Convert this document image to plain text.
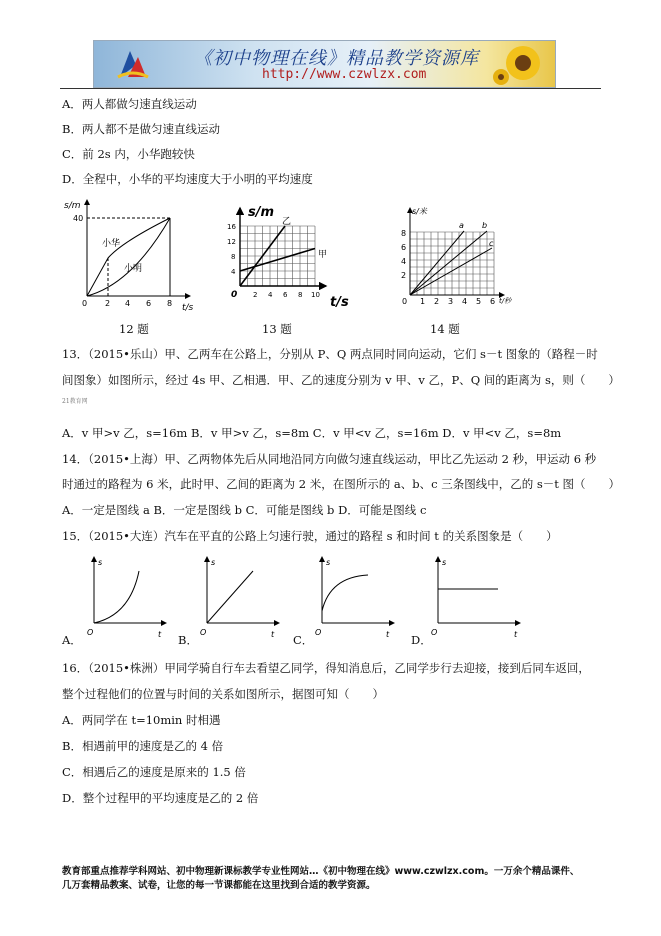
《初中物理在线》精品教学资源库
http://www.czwlzx.com
A．两人都做匀速直线运动
B．两人都不是做匀速直线运动
C．前 2s 内，小华跑较快
D．全程中，小华的平均速度大于小明的平均速度
s/m
40
0 2 4 6 8 t/s
小华
小明
12 题
s/m
16
12
8
4
0 2 4 6 8 10 t/s
乙
甲
13 题
s/米
8
6
4
2
0 1 2 3 4 5 6 t/秒
a b
c
14 题
13．（2015•乐山）甲、乙两车在公路上，分别从 P、Q 两点同时同向运动，它们 s－t 图象的（路程－时
间图象）如图所示，经过 4s 甲、乙相遇．甲、乙的速度分别为 v 甲、v 乙，P、Q 间的距离为 s，则（　　）
21教育网
A．v 甲>v 乙，s=16m B．v 甲>v 乙，s=8m C．v 甲<v 乙，s=16m D．v 甲<v 乙，s=8m
14．（2015•上海）甲、乙两物体先后从同地沿同方向做匀速直线运动，甲比乙先运动 2 秒，甲运动 6 秒
时通过的路程为 6 米，此时甲、乙间的距离为 2 米，在图所示的 a、b、c 三条图线中，乙的 s－t 图（　　）
A．一定是图线 a B．一定是图线 b C．可能是图线 b D．可能是图线 c
15．（2015•大连）汽车在平直的公路上匀速行驶，通过的路程 s 和时间 t 的关系图象是（　　）
A．
s
O	t B．
s
O	t C．
s
O	t D．
s
O	t
16．（2015•株洲）甲同学骑自行车去看望乙同学，得知消息后，乙同学步行去迎接，接到后同车返回，
整个过程他们的位置与时间的关系如图所示，据图可知（　　）
A．两同学在 t=10min 时相遇
B．相遇前甲的速度是乙的 4 倍
C．相遇后乙的速度是原来的 1.5 倍
D．整个过程甲的平均速度是乙的 2 倍
教育部重点推荐学科网站、初中物理新课标教学专业性网站…《初中物理在线》www.czwlzx.com。一万余个精品课件、
几万套精品教案、试卷，让您的每一节课都能在这里找到合适的教学资源。
